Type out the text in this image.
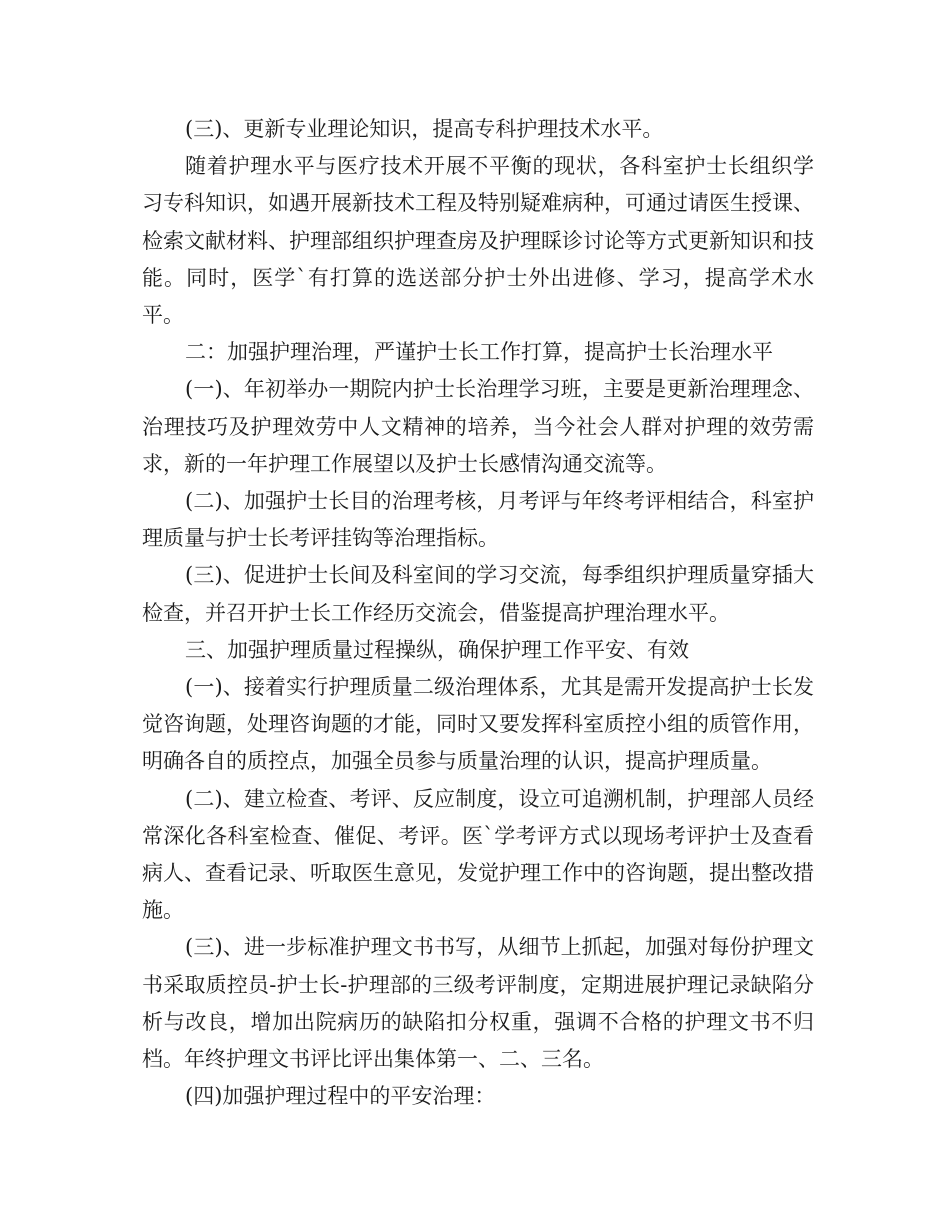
(三)、更新专业理论知识，提高专科护理技术水平。

随着护理水平与医疗技术开展不平衡的现状，各科室护士长组织学习专科知识，如遇开展新技术工程及特别疑难病种，可通过请医生授课、检索文献材料、护理部组织护理查房及护理睬诊讨论等方式更新知识和技能。同时，医学`有打算的选送部分护士外出进修、学习，提高学术水平。

二：加强护理治理，严谨护士长工作打算，提高护士长治理水平

(一)、年初举办一期院内护士长治理学习班，主要是更新治理理念、治理技巧及护理效劳中人文精神的培养，当今社会人群对护理的效劳需求，新的一年护理工作展望以及护士长感情沟通交流等。

(二)、加强护士长目的治理考核，月考评与年终考评相结合，科室护理质量与护士长考评挂钩等治理指标。

(三)、促进护士长间及科室间的学习交流，每季组织护理质量穿插大检查，并召开护士长工作经历交流会，借鉴提高护理治理水平。

三、加强护理质量过程操纵，确保护理工作平安、有效

(一)、接着实行护理质量二级治理体系，尤其是需开发提高护士长发觉咨询题，处理咨询题的才能，同时又要发挥科室质控小组的质管作用，明确各自的质控点，加强全员参与质量治理的认识，提高护理质量。

(二)、建立检查、考评、反应制度，设立可追溯机制，护理部人员经常深化各科室检查、催促、考评。医`学考评方式以现场考评护士及查看病人、查看记录、听取医生意见，发觉护理工作中的咨询题，提出整改措施。

(三)、进一步标准护理文书书写，从细节上抓起，加强对每份护理文书采取质控员-护士长-护理部的三级考评制度，定期进展护理记录缺陷分析与改良，增加出院病历的缺陷扣分权重，强调不合格的护理文书不归档。年终护理文书评比评出集体第一、二、三名。

(四)加强护理过程中的平安治理：
